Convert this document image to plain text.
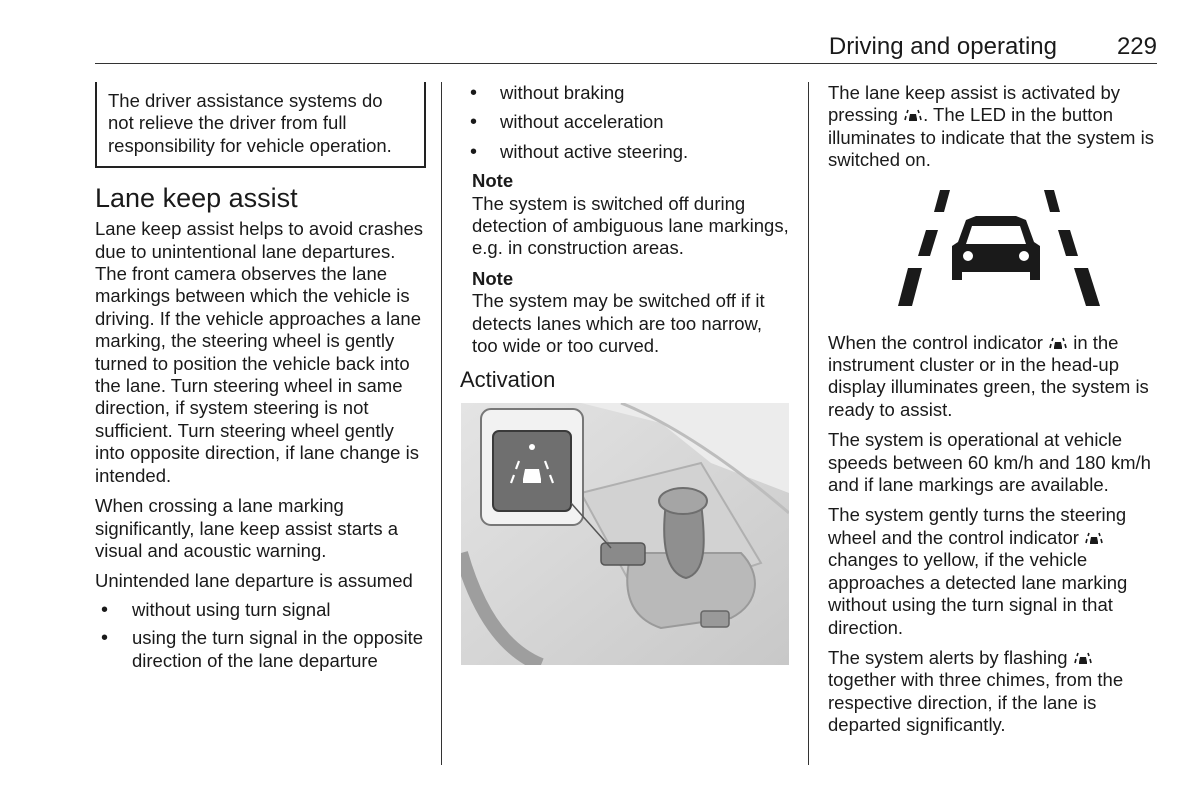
Driving and operating 229
The driver assistance systems do not relieve the driver from full responsibility for vehicle operation.
Lane keep assist

Lane keep assist helps to avoid crashes due to unintentional lane departures. The front camera observes the lane markings between which the vehicle is driving. If the vehicle approaches a lane marking, the steering wheel is gently turned to position the vehicle back into the lane. Turn steering wheel in same direction, if system steering is not sufficient. Turn steering wheel gently into opposite direction, if lane change is intended.

When crossing a lane marking significantly, lane keep assist starts a visual and acoustic warning.

Unintended lane departure is assumed

• without using turn signal
• using the turn signal in the opposite direction of the lane departure
• without braking
• without acceleration
• without active steering.
Note

The system is switched off during detection of ambiguous lane markings, e.g. in construction areas.

Note

The system may be switched off if it detects lanes which are too narrow, too wide or too curved.

Activation

The lane keep assist is activated by pressing . The LED in the button illuminates to indicate that the system is switched on.

When the control indicator in the instrument cluster or in the head-up display illuminates green, the system is ready to assist.

The system is operational at vehicle speeds between 60 km/h and 180 km/h and if lane markings are available.

The system gently turns the steering wheel and the control indicator
changes to yellow, if the vehicle approaches a detected lane marking without using the turn signal in that direction.

The system alerts by flashing
together with three chimes, from the respective direction, if the lane is departed significantly.
